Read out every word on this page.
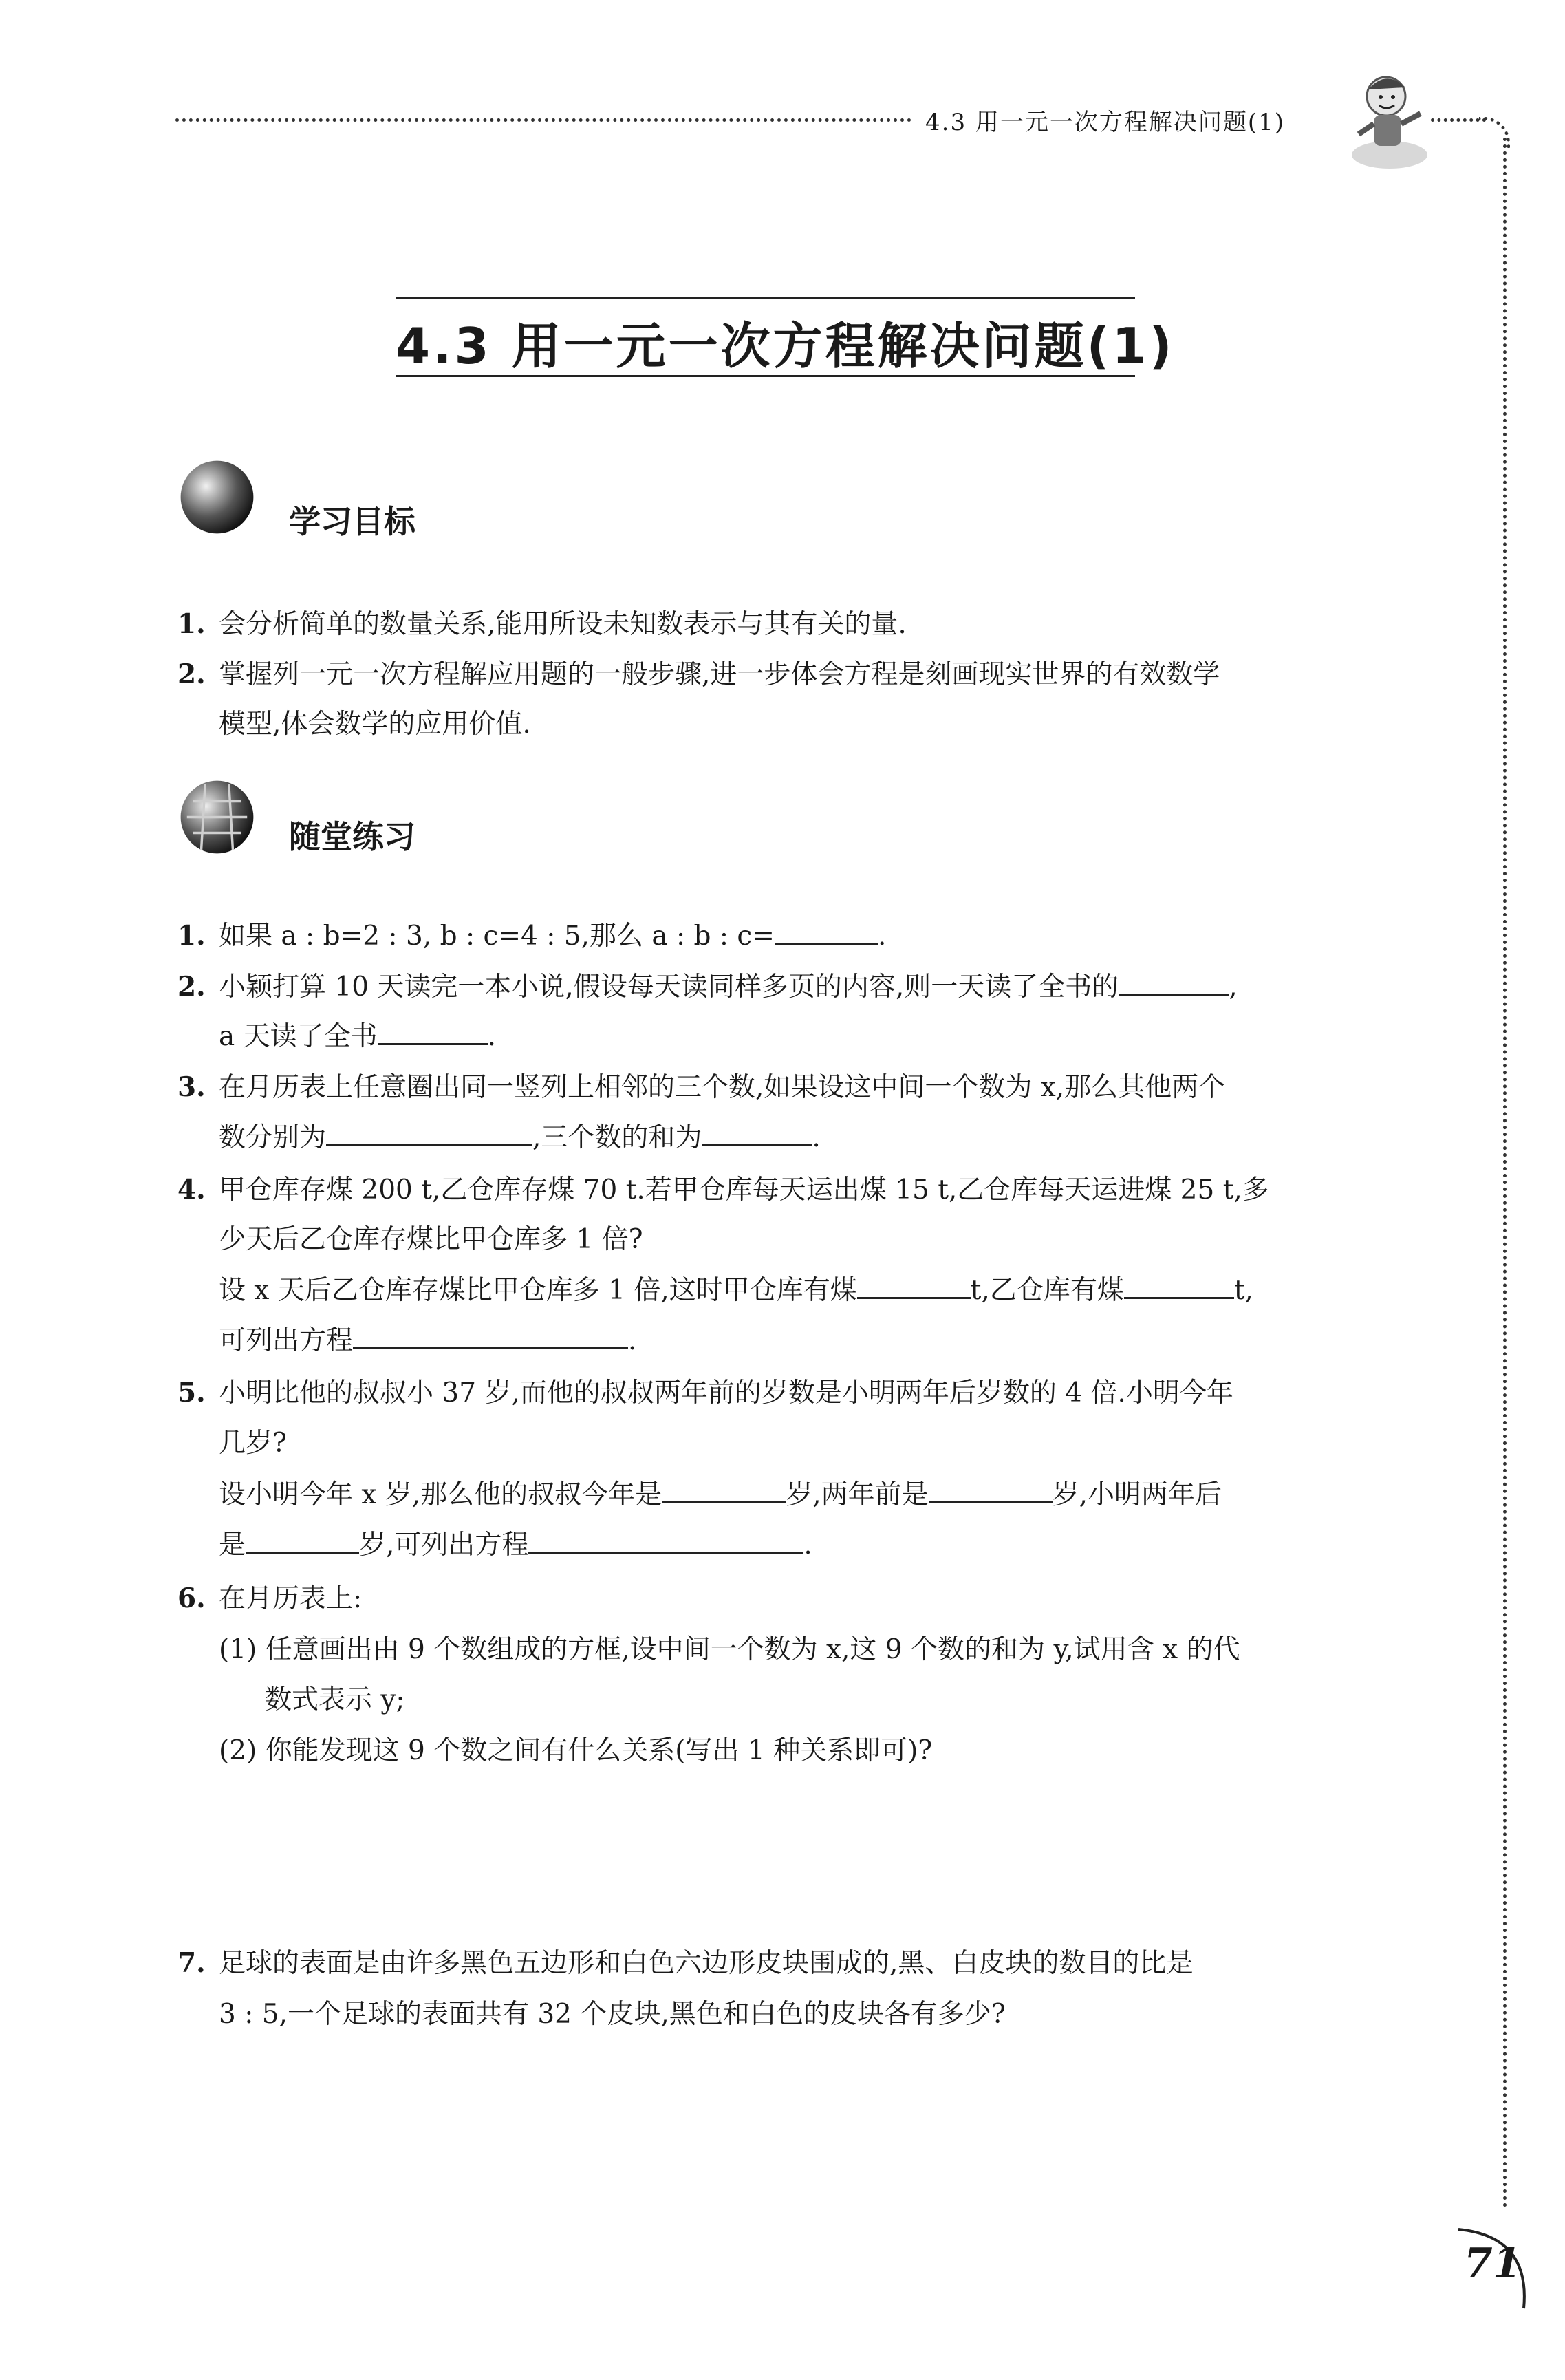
4.3 用一元一次方程解决问题(1)
4.3 用一元一次方程解决问题(1)
学习目标
1. 会分析简单的数量关系,能用所设未知数表示与其有关的量.
2. 掌握列一元一次方程解应用题的一般步骤,进一步体会方程是刻画现实世界的有效数学
模型,体会数学的应用价值.
随堂练习
1. 如果 a : b=2 : 3, b : c=4 : 5,那么 a : b : c=	.
2. 小颖打算 10 天读完一本小说,假设每天读同样多页的内容,则一天读了全书的	,
a 天读了全书	.
3. 在月历表上任意圈出同一竖列上相邻的三个数,如果设这中间一个数为 x,那么其他两个
数分别为	,三个数的和为	.
4. 甲仓库存煤 200 t,乙仓库存煤 70 t.若甲仓库每天运出煤 15 t,乙仓库每天运进煤 25 t,多
少天后乙仓库存煤比甲仓库多 1 倍?
设 x 天后乙仓库存煤比甲仓库多 1 倍,这时甲仓库有煤	t,乙仓库有煤	t,
可列出方程	.
5. 小明比他的叔叔小 37 岁,而他的叔叔两年前的岁数是小明两年后岁数的 4 倍.小明今年
几岁?
设小明今年 x 岁,那么他的叔叔今年是	岁,两年前是	岁,小明两年后
是	岁,可列出方程	.
6. 在月历表上:
(1) 任意画出由 9 个数组成的方框,设中间一个数为 x,这 9 个数的和为 y,试用含 x 的代
数式表示 y;
(2) 你能发现这 9 个数之间有什么关系(写出 1 种关系即可)?
7. 足球的表面是由许多黑色五边形和白色六边形皮块围成的,黑、白皮块的数目的比是
3 : 5,一个足球的表面共有 32 个皮块,黑色和白色的皮块各有多少?
71
